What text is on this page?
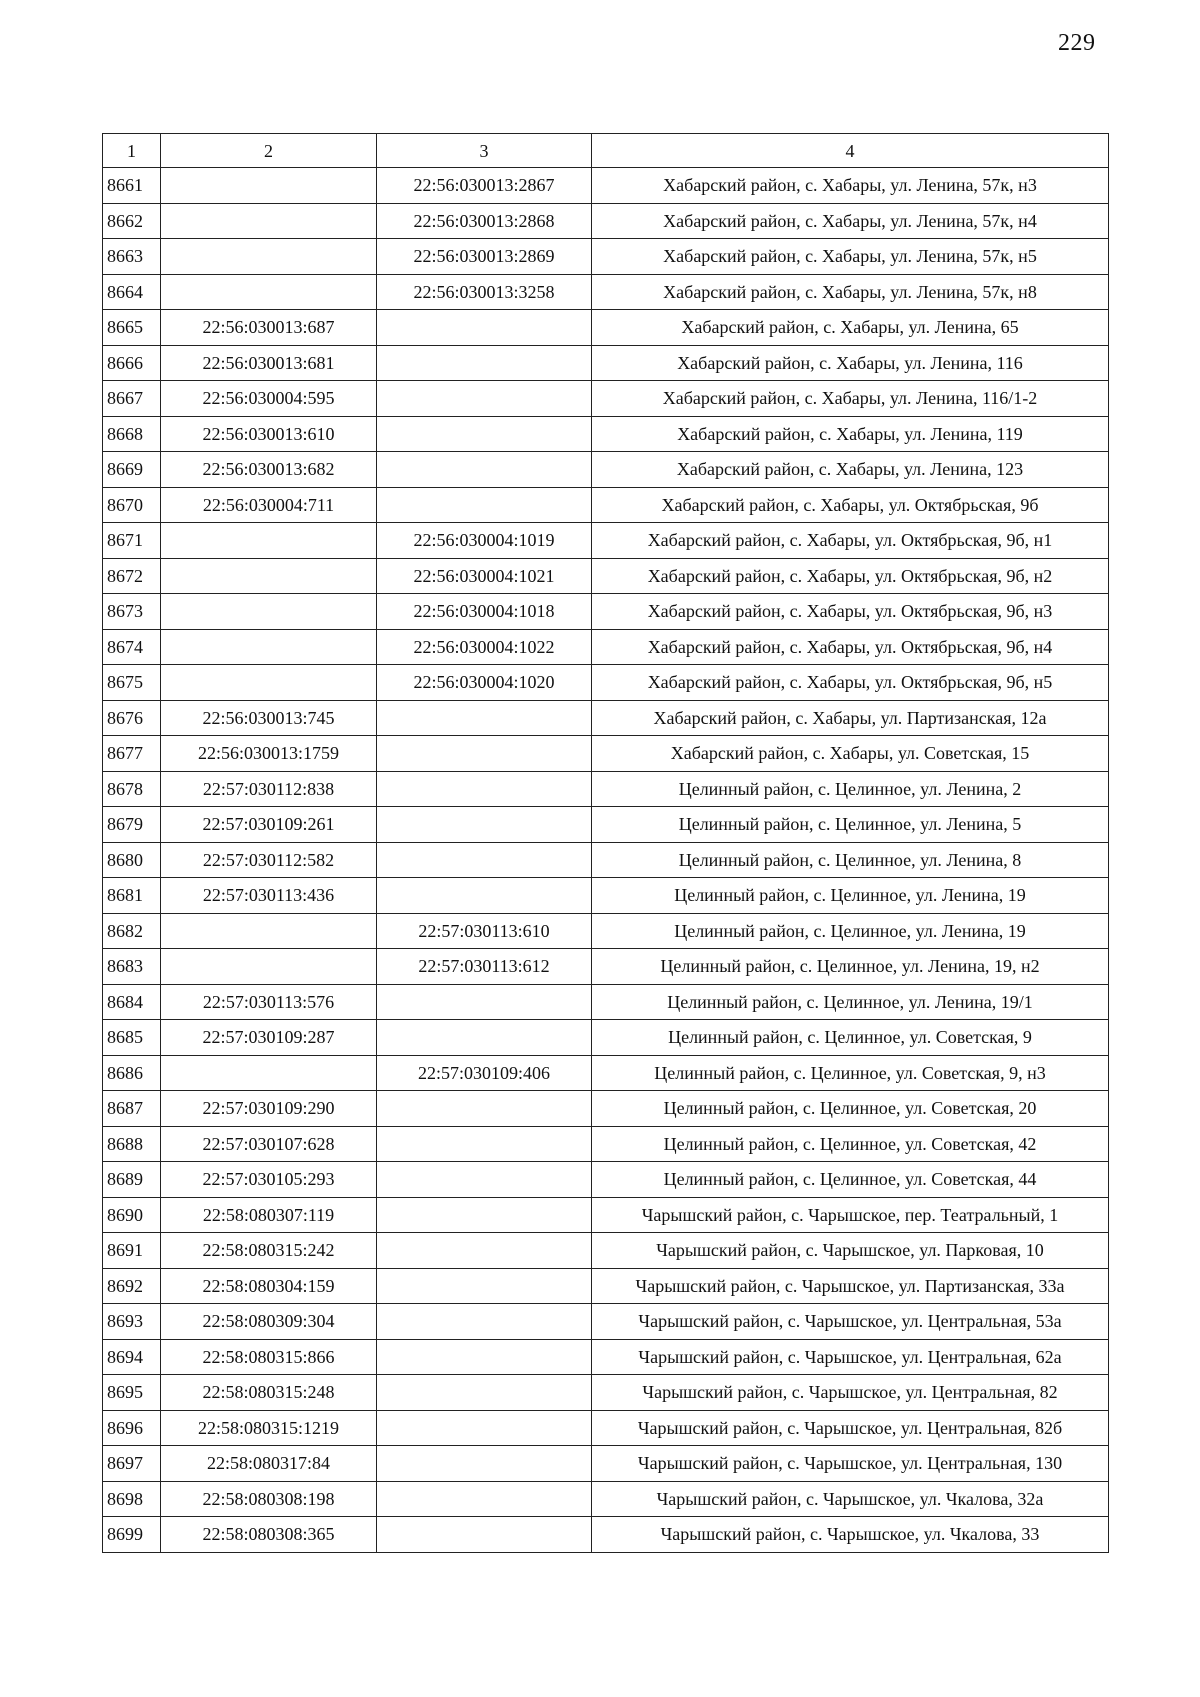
229
1	2	3	4
8661		22:56:030013:2867	Хабарский район, с. Хабары, ул. Ленина, 57к, н3
8662		22:56:030013:2868	Хабарский район, с. Хабары, ул. Ленина, 57к, н4
8663		22:56:030013:2869	Хабарский район, с. Хабары, ул. Ленина, 57к, н5
8664		22:56:030013:3258	Хабарский район, с. Хабары, ул. Ленина, 57к, н8
8665	22:56:030013:687		Хабарский район, с. Хабары, ул. Ленина, 65
8666	22:56:030013:681		Хабарский район, с. Хабары, ул. Ленина, 116
8667	22:56:030004:595		Хабарский район, с. Хабары, ул. Ленина, 116/1-2
8668	22:56:030013:610		Хабарский район, с. Хабары, ул. Ленина, 119
8669	22:56:030013:682		Хабарский район, с. Хабары, ул. Ленина, 123
8670	22:56:030004:711		Хабарский район, с. Хабары, ул. Октябрьская, 9б
8671		22:56:030004:1019	Хабарский район, с. Хабары, ул. Октябрьская, 9б, н1
8672		22:56:030004:1021	Хабарский район, с. Хабары, ул. Октябрьская, 9б, н2
8673		22:56:030004:1018	Хабарский район, с. Хабары, ул. Октябрьская, 9б, н3
8674		22:56:030004:1022	Хабарский район, с. Хабары, ул. Октябрьская, 9б, н4
8675		22:56:030004:1020	Хабарский район, с. Хабары, ул. Октябрьская, 9б, н5
8676	22:56:030013:745		Хабарский район, с. Хабары, ул. Партизанская, 12а
8677	22:56:030013:1759		Хабарский район, с. Хабары, ул. Советская, 15
8678	22:57:030112:838		Целинный район, с. Целинное, ул. Ленина, 2
8679	22:57:030109:261		Целинный район, с. Целинное, ул. Ленина, 5
8680	22:57:030112:582		Целинный район, с. Целинное, ул. Ленина, 8
8681	22:57:030113:436		Целинный район, с. Целинное, ул. Ленина, 19
8682		22:57:030113:610	Целинный район, с. Целинное, ул. Ленина, 19
8683		22:57:030113:612	Целинный район, с. Целинное, ул. Ленина, 19, н2
8684	22:57:030113:576		Целинный район, с. Целинное, ул. Ленина, 19/1
8685	22:57:030109:287		Целинный район, с. Целинное, ул. Советская, 9
8686		22:57:030109:406	Целинный район, с. Целинное, ул. Советская, 9, н3
8687	22:57:030109:290		Целинный район, с. Целинное, ул. Советская, 20
8688	22:57:030107:628		Целинный район, с. Целинное, ул. Советская, 42
8689	22:57:030105:293		Целинный район, с. Целинное, ул. Советская, 44
8690	22:58:080307:119		Чарышский район, с. Чарышское, пер. Театральный, 1
8691	22:58:080315:242		Чарышский район, с. Чарышское, ул. Парковая, 10
8692	22:58:080304:159		Чарышский район, с. Чарышское, ул. Партизанская, 33а
8693	22:58:080309:304		Чарышский район, с. Чарышское, ул. Центральная, 53а
8694	22:58:080315:866		Чарышский район, с. Чарышское, ул. Центральная, 62а
8695	22:58:080315:248		Чарышский район, с. Чарышское, ул. Центральная, 82
8696	22:58:080315:1219		Чарышский район, с. Чарышское, ул. Центральная, 82б
8697	22:58:080317:84		Чарышский район, с. Чарышское, ул. Центральная, 130
8698	22:58:080308:198		Чарышский район, с. Чарышское, ул. Чкалова, 32а
8699	22:58:080308:365		Чарышский район, с. Чарышское, ул. Чкалова, 33
